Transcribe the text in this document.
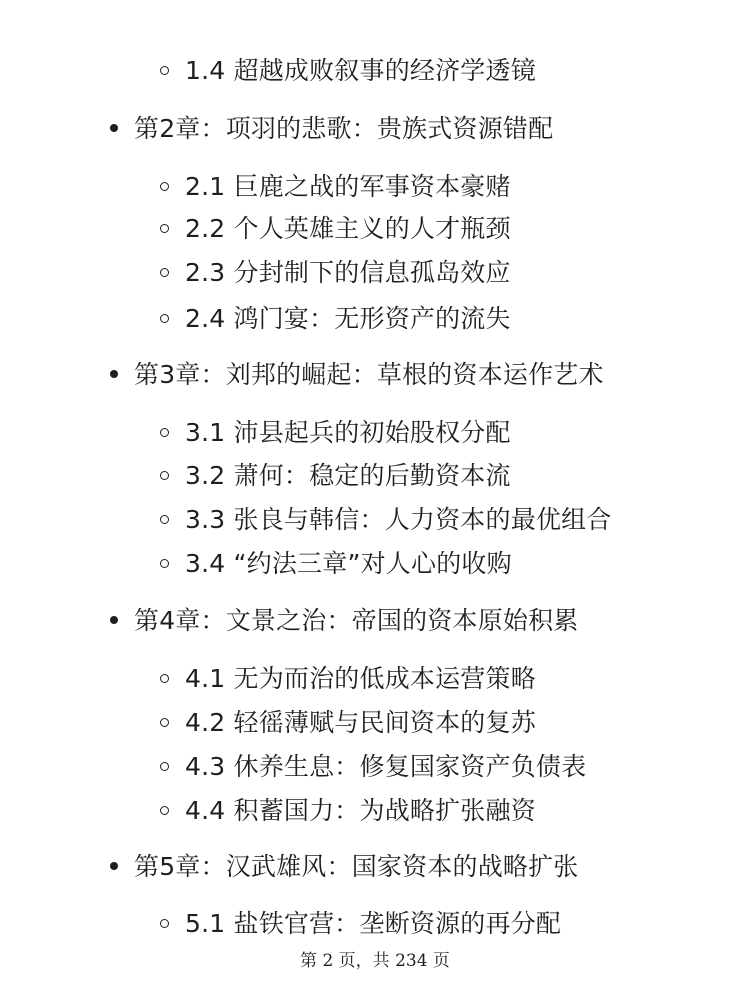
1.4 超越成败叙事的经济学透镜
第2章：项羽的悲歌：贵族式资源错配
2.1 巨鹿之战的军事资本豪赌
2.2 个人英雄主义的人才瓶颈
2.3 分封制下的信息孤岛效应
2.4 鸿门宴：无形资产的流失
第3章：刘邦的崛起：草根的资本运作艺术
3.1 沛县起兵的初始股权分配
3.2 萧何：稳定的后勤资本流
3.3 张良与韩信：人力资本的最优组合
3.4 “约法三章”对人心的收购
第4章：文景之治：帝国的资本原始积累
4.1 无为而治的低成本运营策略
4.2 轻徭薄赋与民间资本的复苏
4.3 休养生息：修复国家资产负债表
4.4 积蓄国力：为战略扩张融资
第5章：汉武雄风：国家资本的战略扩张
5.1 盐铁官营：垄断资源的再分配
第 2 页，共 234 页
